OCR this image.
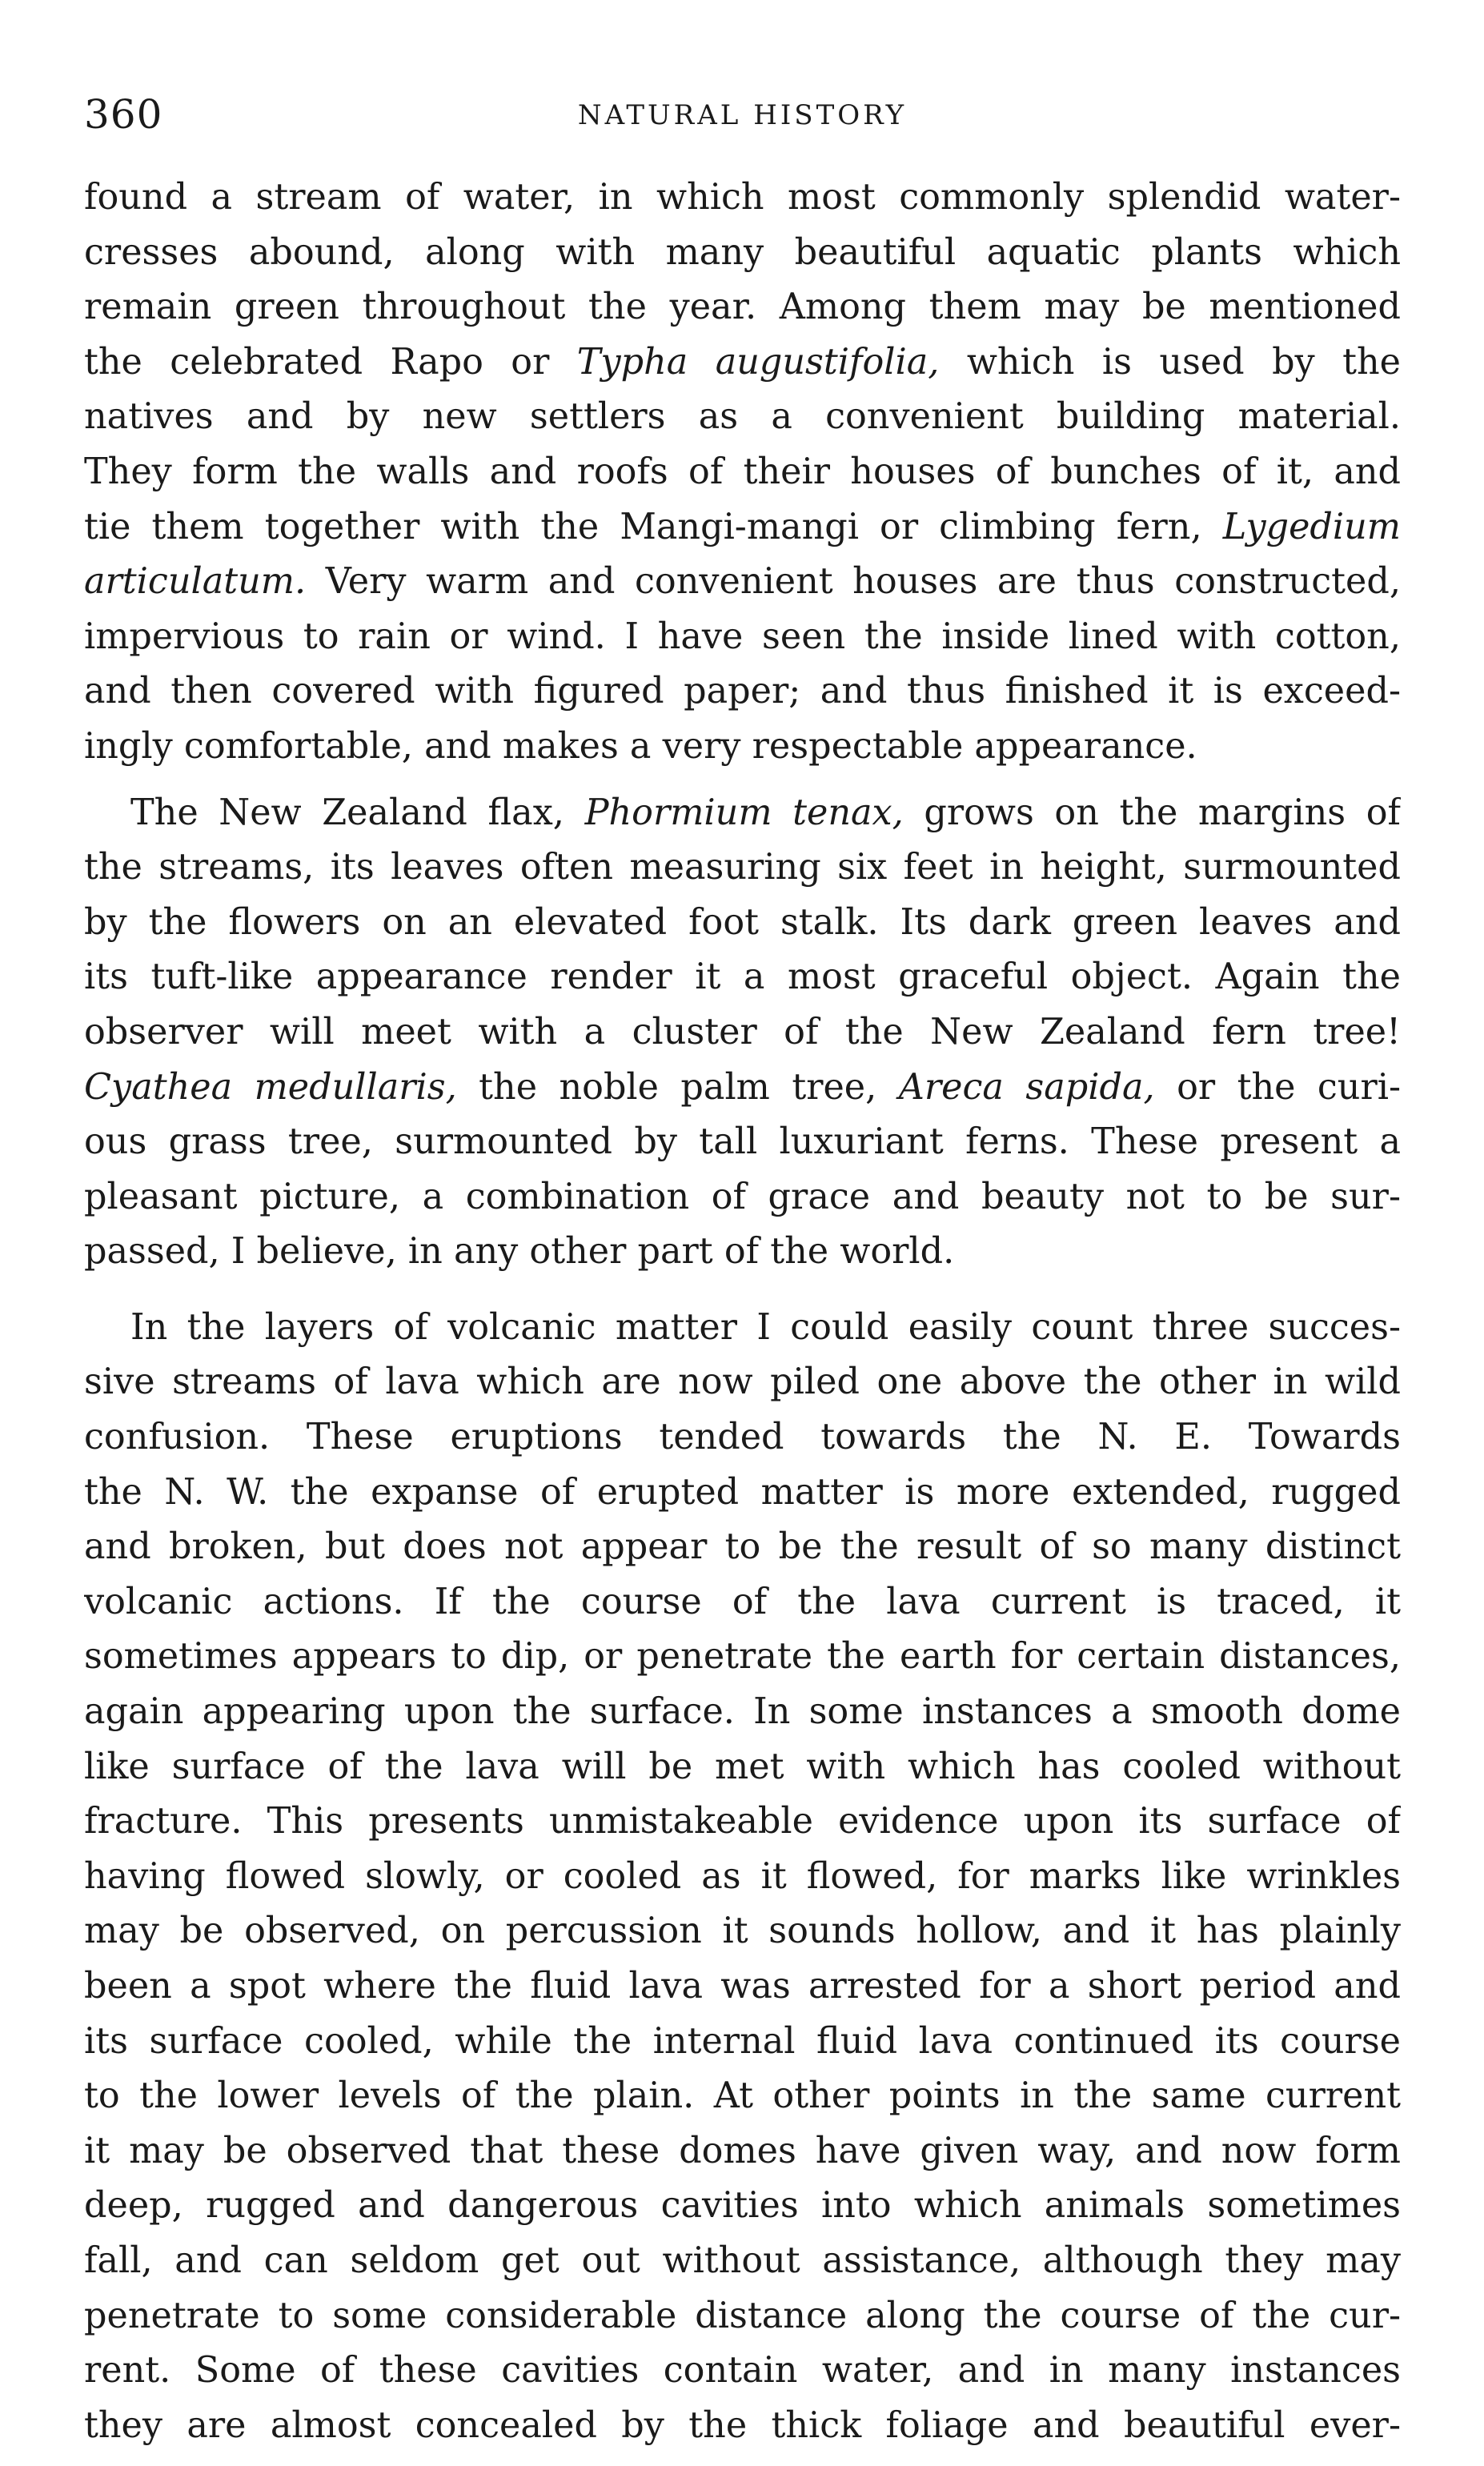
360	NATURAL HISTORY

found a stream of water, in which most commonly splendid water-
cresses abound, along with many beautiful aquatic plants which
remain green throughout the year. Among them may be mentioned
the celebrated Rapo or Typha augustifolia, which is used by the
natives and by new settlers as a convenient building material.
They form the walls and roofs of their houses of bunches of it, and
tie them together with the Mangi-mangi or climbing fern, Lygedium
articulatum. Very warm and convenient houses are thus constructed,
impervious to rain or wind. I have seen the inside lined with cotton,
and then covered with figured paper; and thus finished it is exceed-
ingly comfortable, and makes a very respectable appearance.

The New Zealand flax, Phormium tenax, grows on the margins of
the streams, its leaves often measuring six feet in height, surmounted
by the flowers on an elevated foot stalk. Its dark green leaves and
its tuft-like appearance render it a most graceful object. Again the
observer will meet with a cluster of the New Zealand fern tree!
Cyathea medullaris, the noble palm tree, Areca sapida, or the curi-
ous grass tree, surmounted by tall luxuriant ferns. These present a
pleasant picture, a combination of grace and beauty not to be sur-
passed, I believe, in any other part of the world.

In the layers of volcanic matter I could easily count three succes-
sive streams of lava which are now piled one above the other in wild
confusion. These eruptions tended towards the N. E. Towards
the N. W. the expanse of erupted matter is more extended, rugged
and broken, but does not appear to be the result of so many distinct
volcanic actions. If the course of the lava current is traced, it
sometimes appears to dip, or penetrate the earth for certain distances,
again appearing upon the surface. In some instances a smooth dome
like surface of the lava will be met with which has cooled without
fracture. This presents unmistakeable evidence upon its surface of
having flowed slowly, or cooled as it flowed, for marks like wrinkles
may be observed, on percussion it sounds hollow, and it has plainly
been a spot where the fluid lava was arrested for a short period and
its surface cooled, while the internal fluid lava continued its course
to the lower levels of the plain. At other points in the same current
it may be observed that these domes have given way, and now form
deep, rugged and dangerous cavities into which animals sometimes
fall, and can seldom get out without assistance, although they may
penetrate to some considerable distance along the course of the cur-
rent. Some of these cavities contain water, and in many instances
they are almost concealed by the thick foliage and beautiful ever-
